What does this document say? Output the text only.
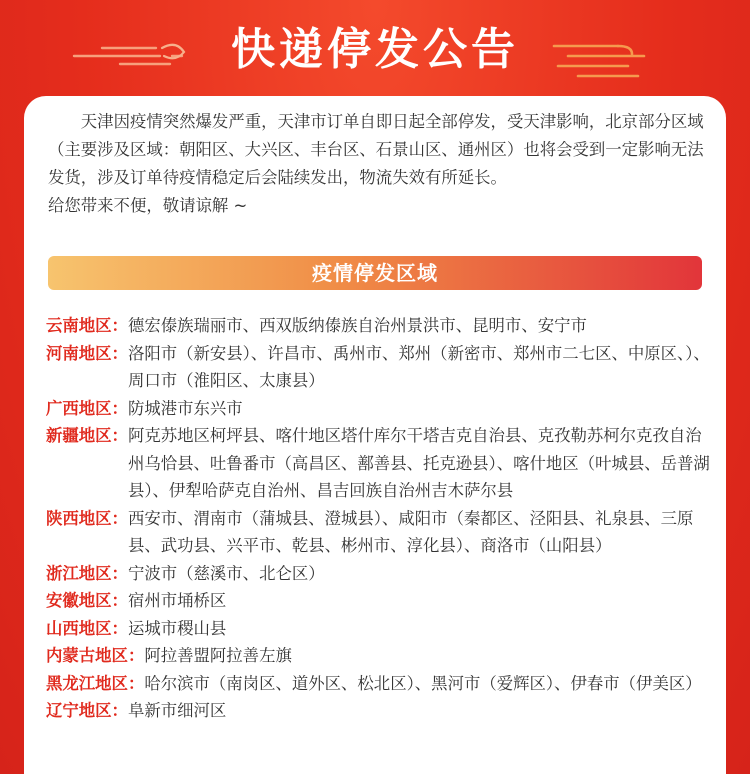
快递停发公告

天津因疫情突然爆发严重，天津市订单自即日起全部停发，受天津影响，北京部分区域（主要涉及区域：朝阳区、大兴区、丰台区、石景山区、通州区）也将会受到一定影响无法发货，涉及订单待疫情稳定后会陆续发出，物流失效有所延长。

给您带来不便，敬请谅解 ~

疫情停发区域
云南地区： 德宏傣族瑞丽市、西双版纳傣族自治州景洪市、昆明市、安宁市
河南地区： 洛阳市（新安县）、许昌市、禹州市、郑州（新密市、郑州市二七区、中原区、）、周口市（淮阳区、太康县）
广西地区： 防城港市东兴市
新疆地区： 阿克苏地区柯坪县、喀什地区塔什库尔干塔吉克自治县、克孜勒苏柯尔克孜自治州乌恰县、吐鲁番市（高昌区、鄯善县、托克逊县）、喀什地区（叶城县、岳普湖县）、伊犁哈萨克自治州、昌吉回族自治州吉木萨尔县
陕西地区： 西安市、渭南市（蒲城县、澄城县）、咸阳市（秦都区、泾阳县、礼泉县、三原县、武功县、兴平市、乾县、彬州市、淳化县）、商洛市（山阳县）
浙江地区： 宁波市（慈溪市、北仑区）
安徽地区： 宿州市埇桥区
山西地区： 运城市稷山县
内蒙古地区： 阿拉善盟阿拉善左旗
黑龙江地区： 哈尔滨市（南岗区、道外区、松北区）、黑河市（爱辉区）、伊春市（伊美区）
辽宁地区： 阜新市细河区
